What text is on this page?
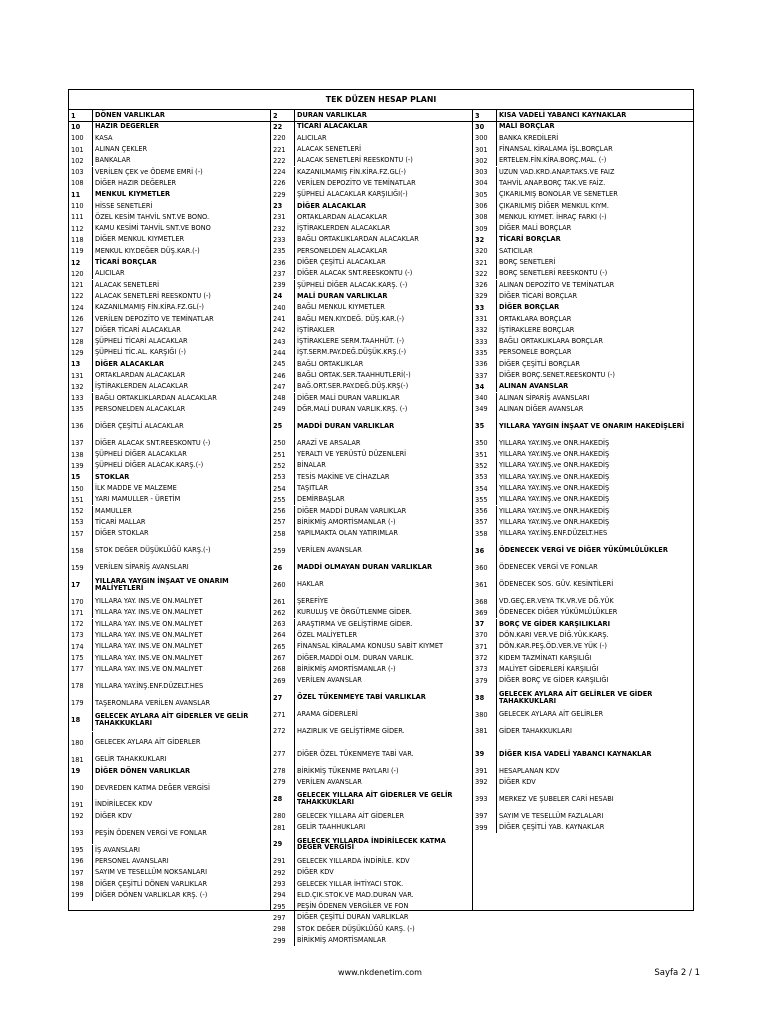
TEK DÜZEN HESAP PLANI
1	DÖNEN VARLIKLAR
10	HAZIR DEĞERLER
100	KASA
101	ALINAN ÇEKLER
102	BANKALAR
103	VERİLEN ÇEK ve ÖDEME EMRİ (-)
108	DİĞER HAZIR DEĞERLER
11	MENKUL KIYMETLER
110	HİSSE SENETLERİ
111	ÖZEL KESİM TAHVİL SNT.VE BONO.
112	KAMU KESİMİ TAHVİL SNT.VE BONO
118	DİĞER MENKUL KIYMETLER
119	MENKUL KIY.DEĞER DÜŞ.KAR.(-)
12	TİCARİ BORÇLAR
120	ALICILAR
121	ALACAK SENETLERİ
122	ALACAK SENETLERİ REESKONTU (-)
124	KAZANILMAMIŞ FİN.KİRA.FZ.GL(-)
126	VERİLEN DEPOZİTO VE TEMİNATLAR
127	DİĞER TİCARİ ALACAKLAR
128	ŞÜPHELİ TİCARİ ALACAKLAR
129	ŞÜPHELİ TİC.AL. KARŞIĞI (-)
13	DİĞER ALACAKLAR
131	ORTAKLARDAN ALACAKLAR
132	İŞTİRAKLERDEN ALACAKLAR
133	BAĞLI ORTAKLIKLARDAN ALACAKLAR
135	PERSONELDEN ALACAKLAR
136	DİĞER ÇEŞİTLİ ALACAKLAR
137	DİĞER ALACAK SNT.REESKONTU (-)
138	ŞÜPHELİ DİĞER ALACAKLAR
139	ŞÜPHELİ DİĞER ALACAK.KARŞ.(-)
15	STOKLAR
150	İLK MADDE VE MALZEME
151	YARI MAMULLER - ÜRETİM
152	MAMULLER
153	TİCARİ MALLAR
157	DİĞER STOKLAR
158	STOK DEĞER DÜŞÜKLÜĞÜ KARŞ.(-)
159	VERİLEN SİPARİŞ AVANSLARI
17	YILLARA YAYGIN İNŞAAT VE ONARIM MALİYETLERİ
170	YILLARA YAY. INS.VE ON.MALIYET
171	YILLARA YAY. INS.VE ON.MALIYET
172	YILLARA YAY. INS.VE ON.MALIYET
173	YILLARA YAY. INS.VE ON.MALIYET
174	YILLARA YAY. INS.VE ON.MALIYET
175	YILLARA YAY. INS.VE ON.MALIYET
177	YILLARA YAY. INS.VE ON.MALIYET
178	YILLARA YAY.İNŞ.ENF.DÜZELT.HES
179	TAŞERONLARA VERİLEN AVANSLAR
18	GELECEK AYLARA AİT GİDERLER VE GELİR TAHAKKUKLARI
180	GELECEK AYLARA AİT GİDERLER
181	GELİR TAHAKKUKLARI
19	DİĞER DÖNEN VARLIKLAR
190	DEVREDEN KATMA DEĞER VERGİSİ
191	İNDİRİLECEK KDV
192	DİĞER KDV
193	PEŞİN ÖDENEN VERGİ VE FONLAR
195	İŞ AVANSLARI
196	PERSONEL AVANSLARI
197	SAYIM VE TESELLÜM NOKSANLARI
198	DİĞER ÇEŞİTLİ DÖNEN VARLIKLAR
199	DİĞER DÖNEN VARLIKLAR KRŞ. (-)
2	DURAN VARLIKLAR
22	TİCARİ ALACAKLAR
220	ALICILAR
221	ALACAK SENETLERİ
222	ALACAK SENETLERİ REESKONTU (-)
224	KAZANILMAMIŞ FİN.KİRA.FZ.GL(-)
226	VERİLEN DEPOZİTO VE TEMİNATLAR
229	ŞÜPHELİ ALACAKLAR KARŞILIĞI(-)
23	DİĞER ALACAKLAR
231	ORTAKLARDAN ALACAKLAR
232	İŞTİRAKLERDEN ALACAKLAR
233	BAĞLI ORTAKLIKLARDAN ALACAKLAR
235	PERSONELDEN ALACAKLAR
236	DİĞER ÇEŞİTLİ ALACAKLAR
237	DİĞER ALACAK SNT.REESKONTU (-)
239	ŞÜPHELİ DİĞER ALACAK.KARŞ. (-)
24	MALİ DURAN VARLIKLAR
240	BAĞLI MENKUL KIYMETLER
241	BAĞLI MEN.KIY.DEĞ. DÜŞ.KAR.(-)
242	İŞTİRAKLER
243	İŞTİRAKLERE SERM.TAAHHÜT. (-)
244	İŞT.SERM.PAY.DEĞ.DÜŞÜK.KRŞ.(-)
245	BAĞLI ORTAKLIKLAR
246	BAĞLI ORTAK.SER.TAAHHUTLERİ(-)
247	BAĞ.ORT.SER.PAY.DEĞ.DÜŞ.KRŞ(-)
248	DİĞER MALİ DURAN VARLIKLAR
249	DĞR.MALİ DURAN VARLIK.KRŞ. (-)
25	MADDİ DURAN VARLIKLAR
250	ARAZİ VE ARSALAR
251	YERALTI VE YERÜSTÜ DÜZENLERİ
252	BİNALAR
253	TESİS MAKİNE VE CİHAZLAR
254	TAŞITLAR
255	DEMİRBAŞLAR
256	DİĞER MADDİ DURAN VARLIKLAR
257	BİRİKMİŞ AMORTİSMANLAR (-)
258	YAPILMAKTA OLAN YATIRIMLAR
259	VERİLEN AVANSLAR
26	MADDİ OLMAYAN DURAN VARLIKLAR
260	HAKLAR
261	ŞEREFİYE
262	KURULUŞ VE ÖRGÜTLENME GİDER.
263	ARAŞTIRMA VE GELİŞTİRME GİDER.
264	ÖZEL MALİYETLER
265	FİNANSAL KİRALAMA KONUSU SABİT KIYMET
267	DİĞER.MADDİ OLM. DURAN VARLIK.
268	BİRİKMİŞ AMORTİSMANLAR (-)
269	VERİLEN AVANSLAR
27	ÖZEL TÜKENMEYE TABİ VARLIKLAR
271	ARAMA GİDERLERİ
272	HAZIRLIK VE GELİŞTİRME GİDER.
277	DİĞER ÖZEL TÜKENMEYE TABİ VAR.
278	BİRİKMİŞ TÜKENME PAYLARI (-)
279	VERİLEN AVANSLAR
28	GELECEK YILLARA AİT GİDERLER VE GELİR TAHAKKUKLARI
280	GELECEK YILLARA AİT GİDERLER
281	GELİR TAAHHUKLARI
29	GELECEK YILLARDA İNDİRİLECEK KATMA DEĞER VERGİSİ
291	GELECEK YILLARDA İNDİRİLE. KDV
292	DİĞER KDV
293	GELECEK YILLAR İHTİYACI STOK.
294	ELD.ÇIK.STOK.VE MAD.DURAN VAR.
295	PEŞİN ÖDENEN VERGİLER VE FON
297	DİĞER ÇEŞİTLİ DURAN VARLIKLAR
298	STOK DEĞER DÜŞÜKLÜĞÜ KARŞ. (-)
299	BİRİKMİŞ AMORTİSMANLAR
3	KISA VADELİ YABANCI KAYNAKLAR
30	MALİ BORÇLAR
300	BANKA KREDİLERİ
301	FİNANSAL KİRALAMA İŞL.BORÇLAR
302	ERTELEN.FİN.KİRA.BORÇ.MAL. (-)
303	UZUN VAD.KRD.ANAP.TAKS.VE FAIZ
304	TAHVİL ANAP.BORÇ TAK.VE FAİZ.
305	ÇIKARILMIŞ BONOLAR VE SENETLER
306	ÇIKARILMIŞ DİĞER MENKUL KIYM.
308	MENKUL KIYMET. İHRAÇ FARKI (-)
309	DİĞER MALİ BORÇLAR
32	TİCARİ BORÇLAR
320	SATICILAR
321	BORÇ SENETLERİ
322	BORÇ SENETLERİ REESKONTU (-)
326	ALINAN DEPOZİTO VE TEMİNATLAR
329	DİĞER TİCARİ BORÇLAR
33	DİĞER BORÇLAR
331	ORTAKLARA BORÇLAR
332	İŞTİRAKLERE BORÇLAR
333	BAĞLI ORTAKLIKLARA BORÇLAR
335	PERSONELE BORÇLAR
336	DİĞER ÇEŞİTLİ BORÇLAR
337	DİĞER BORÇ.SENET.REESKONTU (-)
34	ALINAN AVANSLAR
340	ALINAN SİPARİŞ AVANSLARI
349	ALINAN DİĞER AVANSLAR
35	YILLARA YAYGIN İNŞAAT VE ONARIM HAKEDİŞLERİ
350	YILLARA YAY.INŞ.ve ONR.HAKEDİŞ
351	YILLARA YAY.INŞ.ve ONR.HAKEDİŞ
352	YILLARA YAY.INŞ.ve ONR.HAKEDİŞ
353	YILLARA YAY.INŞ.ve ONR.HAKEDİŞ
354	YILLARA YAY.INŞ.ve ONR.HAKEDİŞ
355	YILLARA YAY.INŞ.ve ONR.HAKEDİŞ
356	YILLARA YAY.INŞ.ve ONR.HAKEDİŞ
357	YILLARA YAY.INŞ.ve ONR.HAKEDİŞ
358	YILLARA YAY.İNŞ.ENF.DÜZELT.HES
36	ÖDENECEK VERGİ VE DİĞER YÜKÜMLÜLÜKLER
360	ÖDENECEK VERGİ VE FONLAR
361	ÖDENECEK SOS. GÜV. KESİNTİLERİ
368	VD.GEÇ.ER.VEYA TK.VR.VE DĞ.YÜK
369	ÖDENECEK DİĞER YÜKÜMLÜLÜKLER
37	BORÇ VE GİDER KARŞILIKLARI
370	DÖN.KARI VER.VE DİĞ.YÜK.KARŞ.
371	DÖN.KAR.PEŞ.ÖD.VER.VE YÜK (-)
372	KIDEM TAZMİNATI KARŞILIĞI
373	MALİYET GİDERLERİ KARŞILIĞI
379	DİĞER BORÇ VE GİDER KARŞILIĞI
38	GELECEK AYLARA AİT GELİRLER VE GİDER TAHAKKUKLARI
380	GELECEK AYLARA AİT GELİRLER
381	GİDER TAHAKKUKLARI
39	DİĞER KISA VADELİ YABANCI KAYNAKLAR
391	HESAPLANAN KDV
392	DİĞER KDV
393	MERKEZ VE ŞUBELER CARİ HESABI
397	SAYIM VE TESELLÜM FAZLALARI
399	DİĞER ÇEŞİTLİ YAB. KAYNAKLAR
www.nkdenetim.com	Sayfa 2 / 1
